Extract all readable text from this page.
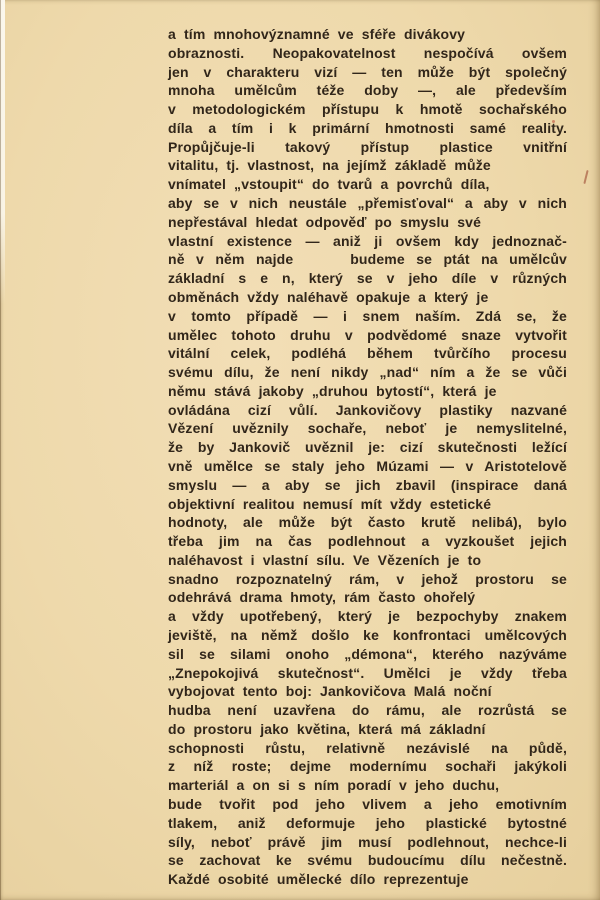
a tím mnohovýznamné ve sféře divákovy
obraznosti. Neopakovatelnost nespočívá ovšem
jen v charakteru vizí — ten může být společný
mnoha umělcům téže doby —, ale především
v metodologickém přístupu k hmotě sochařského
díla a tím i k primární hmotnosti samé reality.
Propůjčuje-li takový přístup plastice vnitřní
vitalitu, tj. vlastnost, na jejímž základě může
vnímatel „vstoupit“ do tvarů a povrchů díla,
aby se v nich neustále „přemisťoval“ a aby v nich
nepřestával hledat odpověď po smyslu své
vlastní existence — aniž ji ovšem kdy jednoznač-
ně v něm najde     budeme se ptát na umělcův
základní s e n, který se v jeho díle v různých
obměnách vždy naléhavě opakuje a který je
v tomto případě — i snem naším. Zdá se, že
umělec tohoto druhu v podvědomé snaze vytvořit
vitální celek, podléhá během tvůrčího procesu
svému dílu, že není nikdy „nad“ ním a že se vůči
němu stává jakoby „druhou bytostí“, která je
ovládána cizí vůlí. Jankovičovy plastiky nazvané
Vězení uvěznily sochaře, neboť je nemyslitelné,
že by Jankovič uvěznil je: cizí skutečnosti ležící
vně umělce se staly jeho Múzami — v Aristotelově
smyslu — a aby se jich zbavil (inspirace daná
objektivní realitou nemusí mít vždy estetické
hodnoty, ale může být často krutě nelibá), bylo
třeba jim na čas podlehnout a vyzkoušet jejich
naléhavost i vlastní sílu. Ve Vězeních je to
snadno rozpoznatelný rám, v jehož prostoru se
odehrává drama hmoty, rám často ohořelý
a vždy upotřebený, který je bezpochyby znakem
jeviště, na němž došlo ke konfrontaci umělcových
sil se silami onoho „démona“, kterého nazýváme
„Znepokojivá skutečnost“. Umělci je vždy třeba
vybojovat tento boj: Jankovičova Malá noční
hudba není uzavřena do rámu, ale rozrůstá se
do prostoru jako květina, která má základní
schopnosti růstu, relativně nezávislé na půdě,
z níž roste; dejme modernímu sochaři jakýkoli
marteriál a on si s ním poradí v jeho duchu,
bude tvořit pod jeho vlivem a jeho emotivním
tlakem, aniž deformuje jeho plastické bytostné
síly, neboť právě jim musí podlehnout, nechce-li
se zachovat ke svému budoucímu dílu nečestně.
Každé osobité umělecké dílo reprezentuje
